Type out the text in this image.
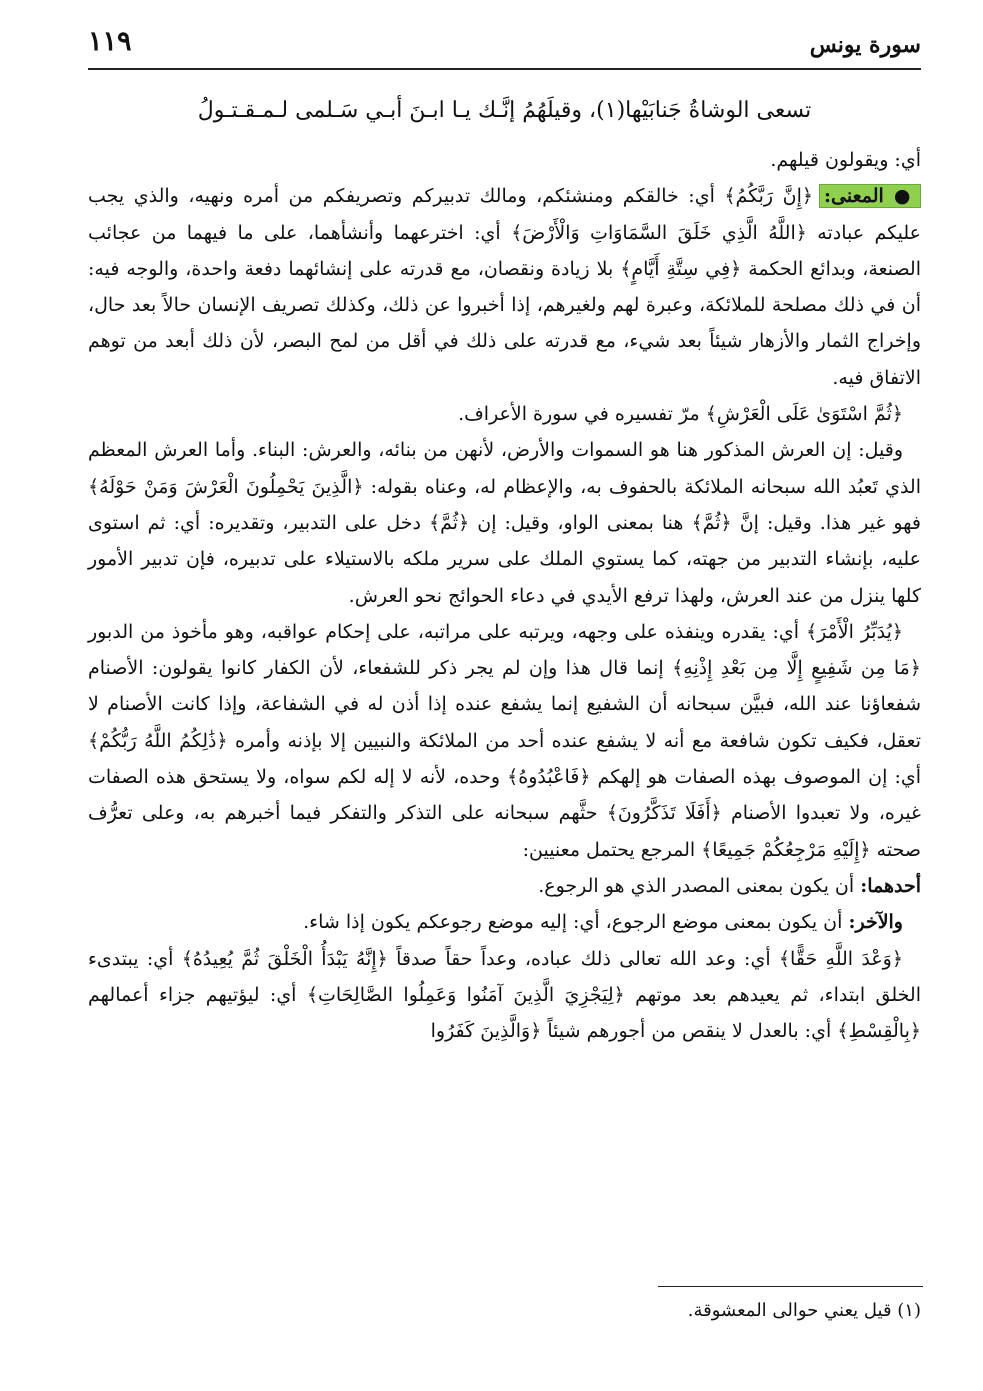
سورة يونس
١١٩

تسعى الوشاةُ جَنابَيْها(١)، وقيلَهُمُ إنَّـك يـا ابـنَ أبـي سَـلمى لـمـقـتـولُ

أي: ويقولون قيلهم.

● المعنى: ﴿إِنَّ رَبَّكُمُ﴾ أي: خالقكم ومنشئكم، ومالك تدبيركم وتصريفكم من أمره ونهيه، والذي يجب عليكم عبادته ﴿اللَّهُ الَّذِي خَلَقَ السَّمَاوَاتِ وَالْأَرْضَ﴾ أي: اخترعهما وأنشأهما، على ما فيهما من عجائب الصنعة، وبدائع الحكمة ﴿فِي سِتَّةِ أَيَّامٍ﴾ بلا زيادة ونقصان، مع قدرته على إنشائهما دفعة واحدة، والوجه فيه: أن في ذلك مصلحة للملائكة، وعبرة لهم ولغيرهم، إذا أخبروا عن ذلك، وكذلك تصريف الإنسان حالاً بعد حال، وإخراج الثمار والأزهار شيئاً بعد شيء، مع قدرته على ذلك في أقل من لمح البصر، لأن ذلك أبعد من توهم الاتفاق فيه.

﴿ثُمَّ اسْتَوَىٰ عَلَى الْعَرْشِ﴾ مرّ تفسيره في سورة الأعراف.

وقيل: إن العرش المذكور هنا هو السموات والأرض، لأنهن من بنائه، والعرش: البناء. وأما العرش المعظم الذي تَعبُد الله سبحانه الملائكة بالحفوف به، والإعظام له، وعناه بقوله: ﴿الَّذِينَ يَحْمِلُونَ الْعَرْشَ وَمَنْ حَوْلَهُ﴾ فهو غير هذا. وقيل: إنَّ ﴿ثُمَّ﴾ هنا بمعنى الواو، وقيل: إن ﴿ثُمَّ﴾ دخل على التدبير، وتقديره: أي: ثم استوى عليه، بإنشاء التدبير من جهته، كما يستوي الملك على سرير ملكه بالاستيلاء على تدبيره، فإن تدبير الأمور كلها ينزل من عند العرش، ولهذا ترفع الأيدي في دعاء الحوائج نحو العرش.

﴿يُدَبِّرُ الْأَمْرَ﴾ أي: يقدره وينفذه على وجهه، ويرتبه على مراتبه، على إحكام عواقبه، وهو مأخوذ من الدبور ﴿مَا مِن شَفِيعٍ إِلَّا مِن بَعْدِ إِذْنِهِ﴾ إنما قال هذا وإن لم يجر ذكر للشفعاء، لأن الكفار كانوا يقولون: الأصنام شفعاؤنا عند الله، فبيَّن سبحانه أن الشفيع إنما يشفع عنده إذا أذن له في الشفاعة، وإذا كانت الأصنام لا تعقل، فكيف تكون شافعة مع أنه لا يشفع عنده أحد من الملائكة والنبيين إلا بإذنه وأمره ﴿ذَٰلِكُمُ اللَّهُ رَبُّكُمْ﴾ أي: إن الموصوف بهذه الصفات هو إلهكم ﴿فَاعْبُدُوهُ﴾ وحده، لأنه لا إله لكم سواه، ولا يستحق هذه الصفات غيره، ولا تعبدوا الأصنام ﴿أَفَلَا تَذَكَّرُونَ﴾ حثَّهم سبحانه على التذكر والتفكر فيما أخبرهم به، وعلى تعرُّف صحته ﴿إِلَيْهِ مَرْجِعُكُمْ جَمِيعًا﴾ المرجع يحتمل معنيين:

أحدهما: أن يكون بمعنى المصدر الذي هو الرجوع.

والآخر: أن يكون بمعنى موضع الرجوع، أي: إليه موضع رجوعكم يكون إذا شاء.

﴿وَعْدَ اللَّهِ حَقًّا﴾ أي: وعد الله تعالى ذلك عباده، وعداً حقاً صدقاً ﴿إِنَّهُ يَبْدَأُ الْخَلْقَ ثُمَّ يُعِيدُهُ﴾ أي: يبتدىء الخلق ابتداء، ثم يعيدهم بعد موتهم ﴿لِيَجْزِيَ الَّذِينَ آمَنُوا وَعَمِلُوا الصَّالِحَاتِ﴾ أي: ليؤتيهم جزاء أعمالهم ﴿بِالْقِسْطِ﴾ أي: بالعدل لا ينقص من أجورهم شيئاً ﴿وَالَّذِينَ كَفَرُوا

(١) قيل يعني حوالى المعشوقة.
